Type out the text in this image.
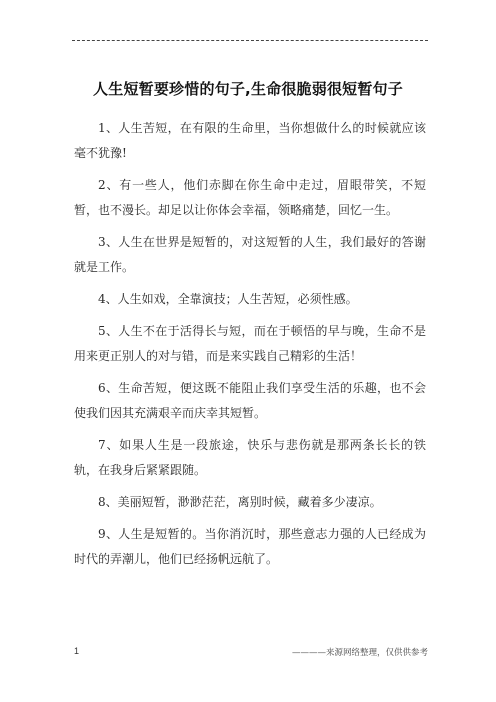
人生短暂要珍惜的句子,生命很脆弱很短暂句子

1、人生苦短，在有限的生命里，当你想做什么的时候就应该毫不犹豫!

2、有一些人，他们赤脚在你生命中走过，眉眼带笑，不短暂，也不漫长。却足以让你体会幸福，领略痛楚，回忆一生。

3、人生在世界是短暂的，对这短暂的人生，我们最好的答谢就是工作。

4、人生如戏，全靠演技；人生苦短，必须性感。

5、人生不在于活得长与短，而在于顿悟的早与晚，生命不是用来更正别人的对与错，而是来实践自己精彩的生活！

6、生命苦短，便这既不能阻止我们享受生活的乐趣，也不会使我们因其充满艰辛而庆幸其短暂。

7、如果人生是一段旅途，快乐与悲伤就是那两条长长的铁轨，在我身后紧紧跟随。

8、美丽短暂，渺渺茫茫，离别时候，藏着多少凄凉。

9、人生是短暂的。当你消沉时，那些意志力强的人已经成为时代的弄潮儿，他们已经扬帆远航了。

1	————来源网络整理，仅供供参考
